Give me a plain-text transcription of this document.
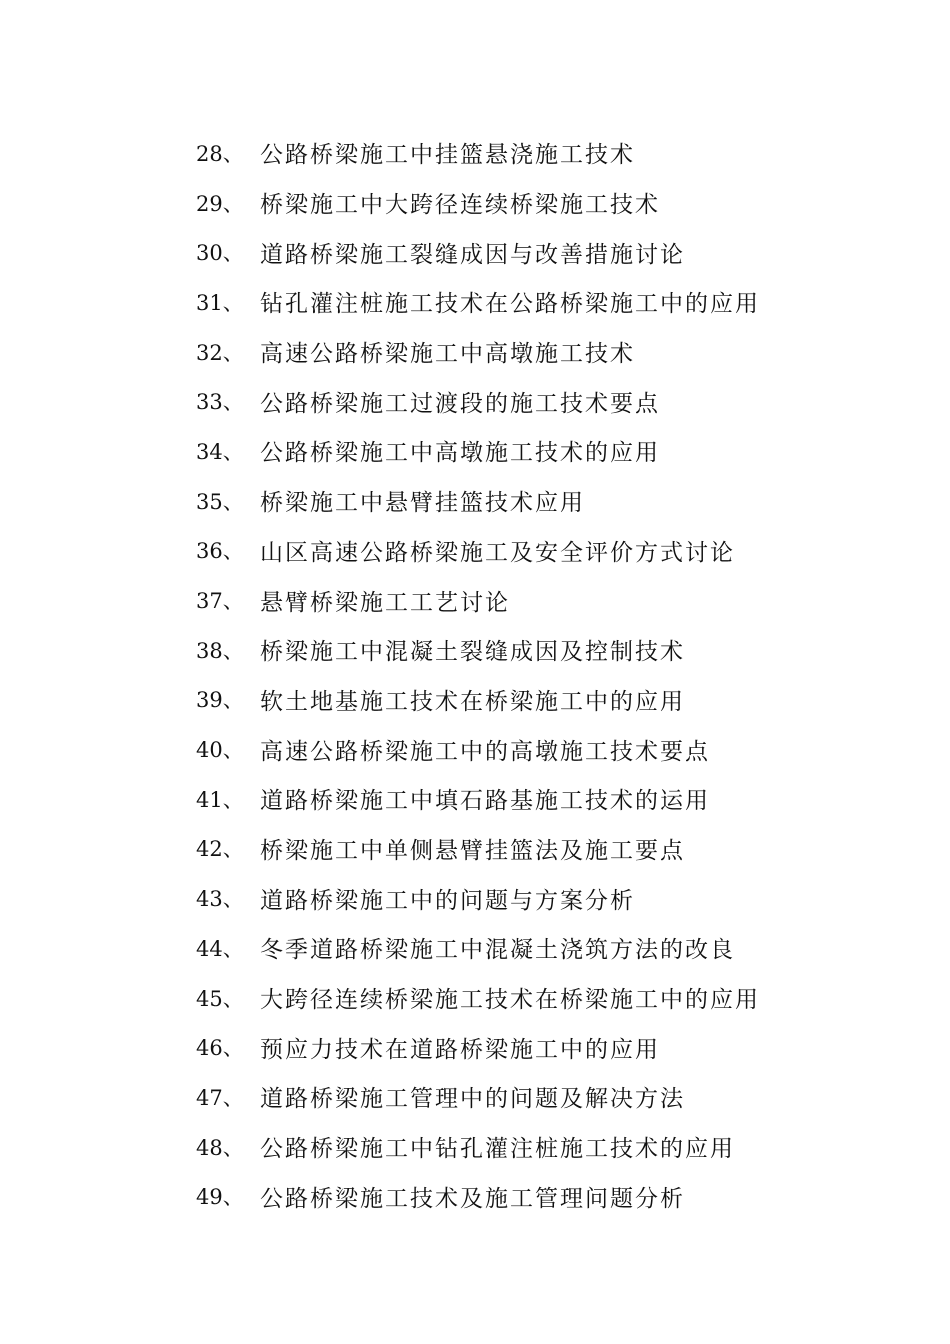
28、 公路桥梁施工中挂篮悬浇施工技术
29、 桥梁施工中大跨径连续桥梁施工技术
30、 道路桥梁施工裂缝成因与改善措施讨论
31、 钻孔灌注桩施工技术在公路桥梁施工中的应用
32、 高速公路桥梁施工中高墩施工技术
33、 公路桥梁施工过渡段的施工技术要点
34、 公路桥梁施工中高墩施工技术的应用
35、 桥梁施工中悬臂挂篮技术应用
36、 山区高速公路桥梁施工及安全评价方式讨论
37、 悬臂桥梁施工工艺讨论
38、 桥梁施工中混凝土裂缝成因及控制技术
39、 软土地基施工技术在桥梁施工中的应用
40、 高速公路桥梁施工中的高墩施工技术要点
41、 道路桥梁施工中填石路基施工技术的运用
42、 桥梁施工中单侧悬臂挂篮法及施工要点
43、 道路桥梁施工中的问题与方案分析
44、 冬季道路桥梁施工中混凝土浇筑方法的改良
45、 大跨径连续桥梁施工技术在桥梁施工中的应用
46、 预应力技术在道路桥梁施工中的应用
47、 道路桥梁施工管理中的问题及解决方法
48、 公路桥梁施工中钻孔灌注桩施工技术的应用
49、 公路桥梁施工技术及施工管理问题分析
